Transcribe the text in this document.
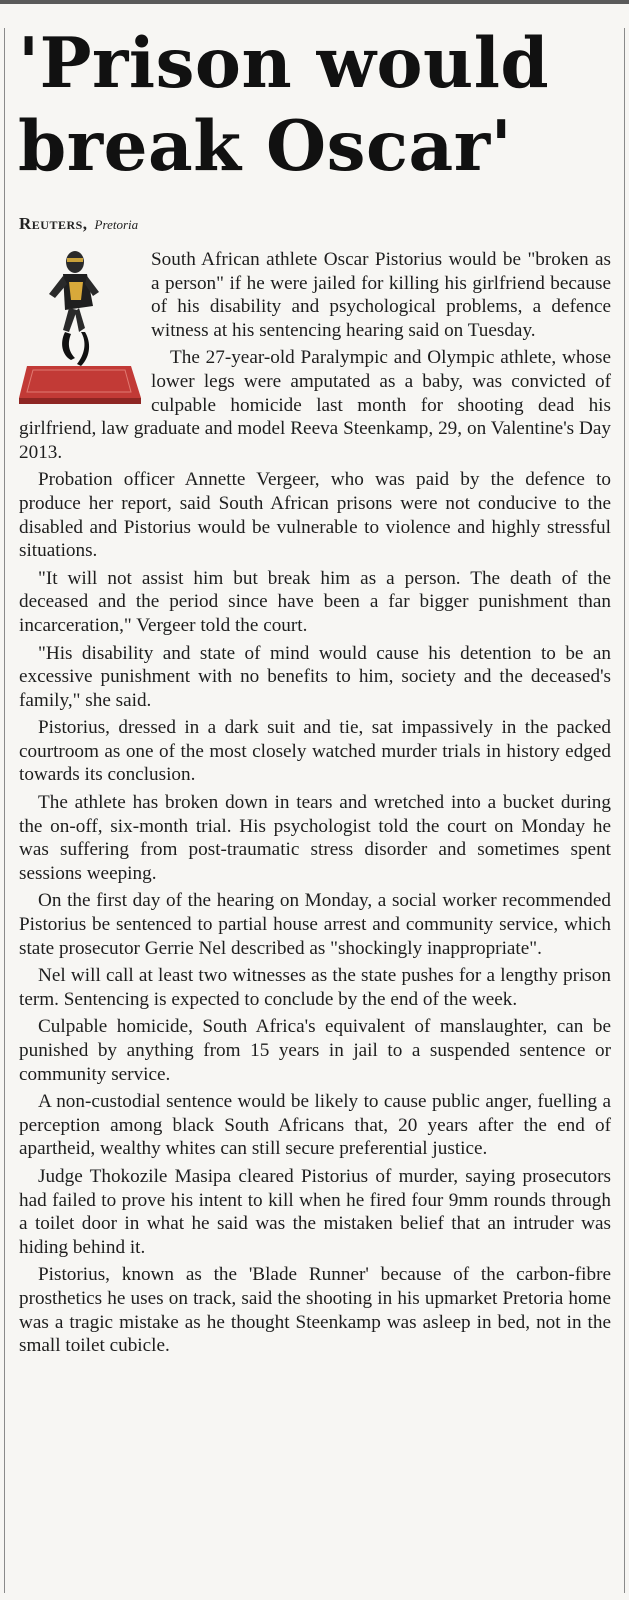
'Prison would break Oscar'
Reuters, Pretoria

South African athlete Oscar Pistorius would be "broken as a person" if he were jailed for killing his girlfriend because of his disability and psychological problems, a defence witness at his sentencing hearing said on Tuesday.

The 27-year-old Paralympic and Olympic athlete, whose lower legs were amputated as a baby, was convicted of culpable homicide last month for shooting dead his girlfriend, law graduate and model Reeva Steenkamp, 29, on Valentine's Day 2013.

Probation officer Annette Vergeer, who was paid by the defence to produce her report, said South African prisons were not conducive to the disabled and Pistorius would be vulnerable to violence and highly stressful situations.

"It will not assist him but break him as a person. The death of the deceased and the period since have been a far bigger punishment than incarceration," Vergeer told the court.

"His disability and state of mind would cause his detention to be an excessive punishment with no benefits to him, society and the deceased's family," she said.

Pistorius, dressed in a dark suit and tie, sat impassively in the packed courtroom as one of the most closely watched murder trials in history edged towards its conclusion.

The athlete has broken down in tears and wretched into a bucket during the on-off, six-month trial. His psychologist told the court on Monday he was suffering from post-traumatic stress disorder and sometimes spent sessions weeping.

On the first day of the hearing on Monday, a social worker recommended Pistorius be sentenced to partial house arrest and community service, which state prosecutor Gerrie Nel described as "shockingly inappropriate".

Nel will call at least two witnesses as the state pushes for a lengthy prison term. Sentencing is expected to conclude by the end of the week.

Culpable homicide, South Africa's equivalent of manslaughter, can be punished by anything from 15 years in jail to a suspended sentence or community service.

A non-custodial sentence would be likely to cause public anger, fuelling a perception among black South Africans that, 20 years after the end of apartheid, wealthy whites can still secure preferential justice.

Judge Thokozile Masipa cleared Pistorius of murder, saying prosecutors had failed to prove his intent to kill when he fired four 9mm rounds through a toilet door in what he said was the mistaken belief that an intruder was hiding behind it.

Pistorius, known as the 'Blade Runner' because of the carbon-fibre prosthetics he uses on track, said the shooting in his upmarket Pretoria home was a tragic mistake as he thought Steenkamp was asleep in bed, not in the small toilet cubicle.
